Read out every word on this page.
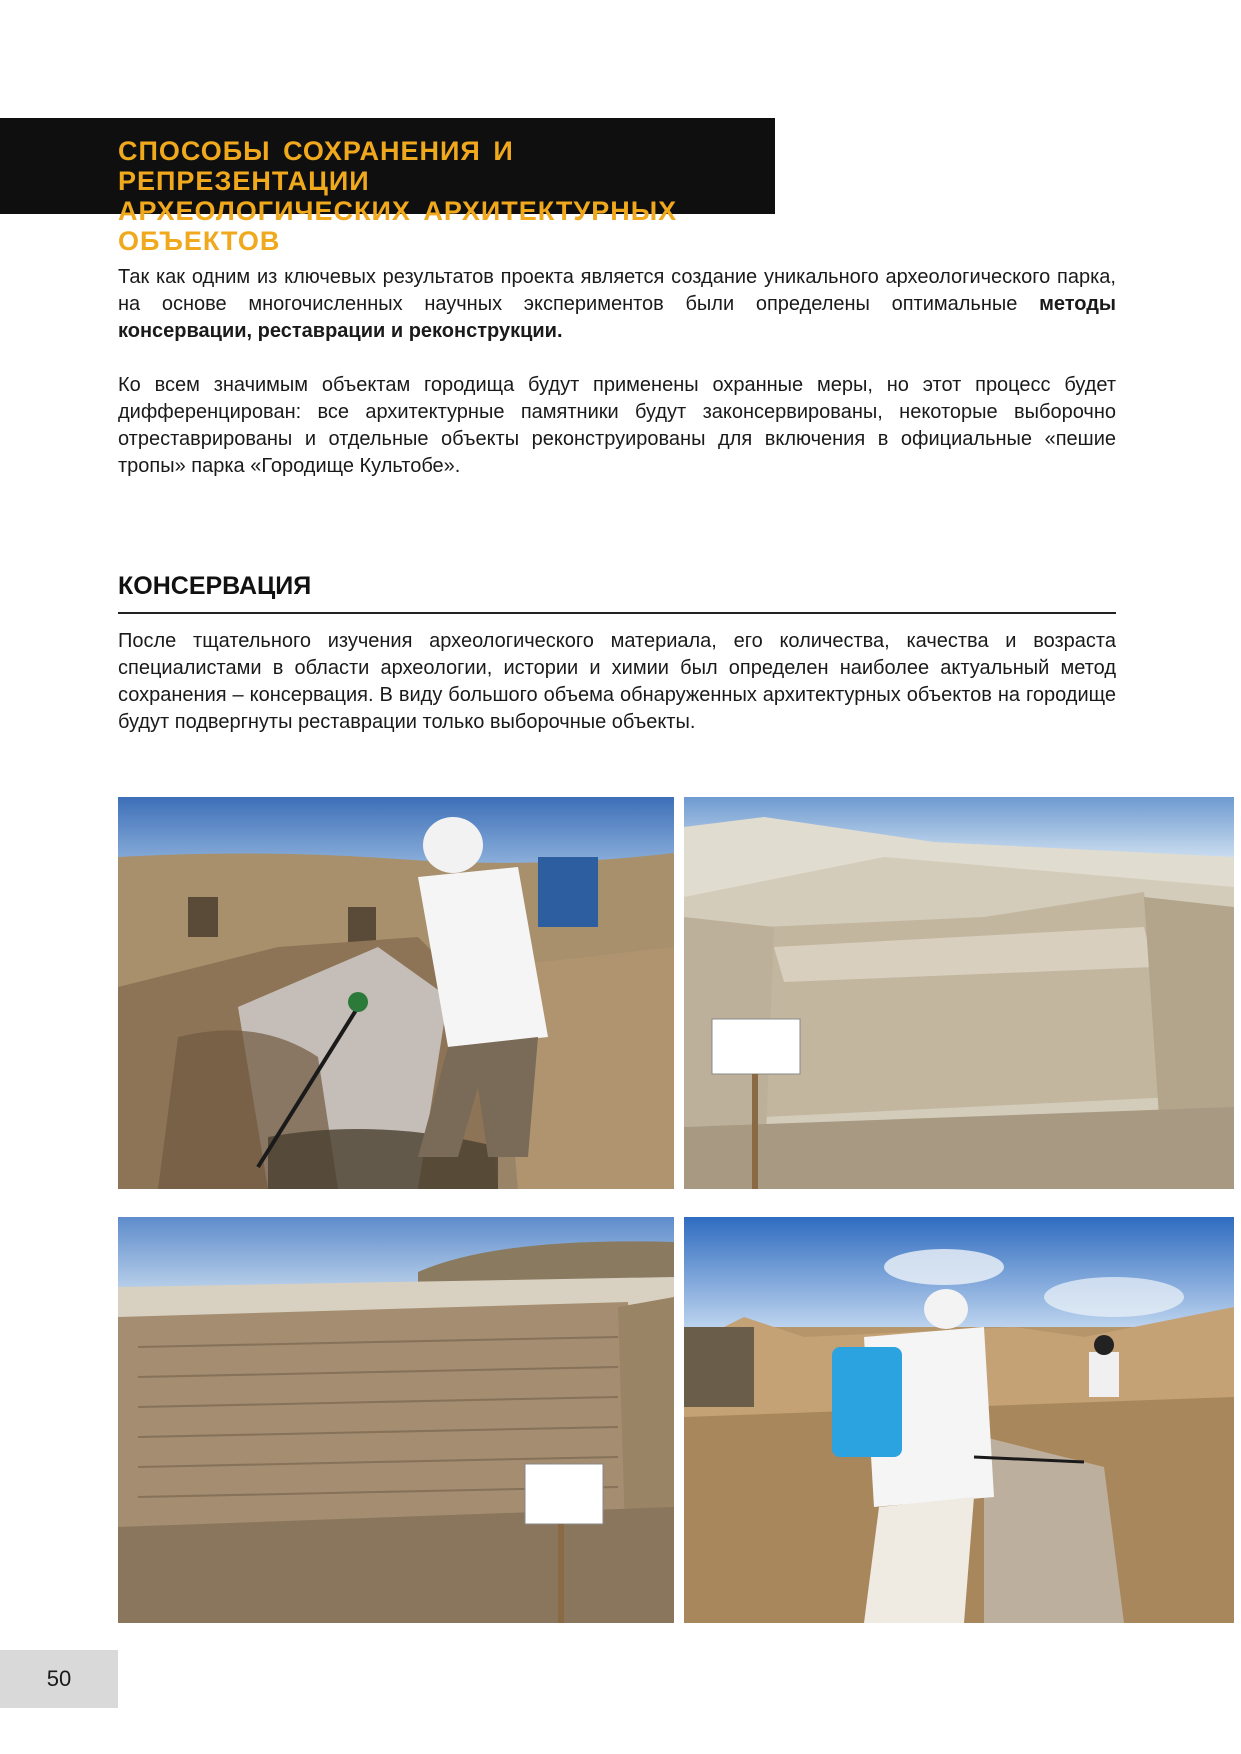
СПОСОБЫ СОХРАНЕНИЯ И РЕПРЕЗЕНТАЦИИ
АРХЕОЛОГИЧЕСКИХ АРХИТЕКТУРНЫХ ОБЪЕКТОВ

Так как одним из ключевых результатов проекта является создание уникального археологического парка, на основе многочисленных научных экспериментов были определены оптимальные методы консервации, реставрации и реконструкции.

Ко всем значимым объектам городища будут применены охранные меры, но этот процесс будет дифференцирован: все архитектурные памятники будут законсервированы, некоторые выборочно отреставрированы и отдельные объекты реконструированы для включения в официальные «пешие тропы» парка «Городище Культобе».

КОНСЕРВАЦИЯ

После тщательного изучения археологического материала, его количества, качества и возраста специалистами в области археологии, истории и химии был определен наиболее актуальный метод сохранения – консервация. В виду большого объема обнаруженных архитектурных объектов на городище будут подвергнуты реставрации только выборочные объекты.

50
